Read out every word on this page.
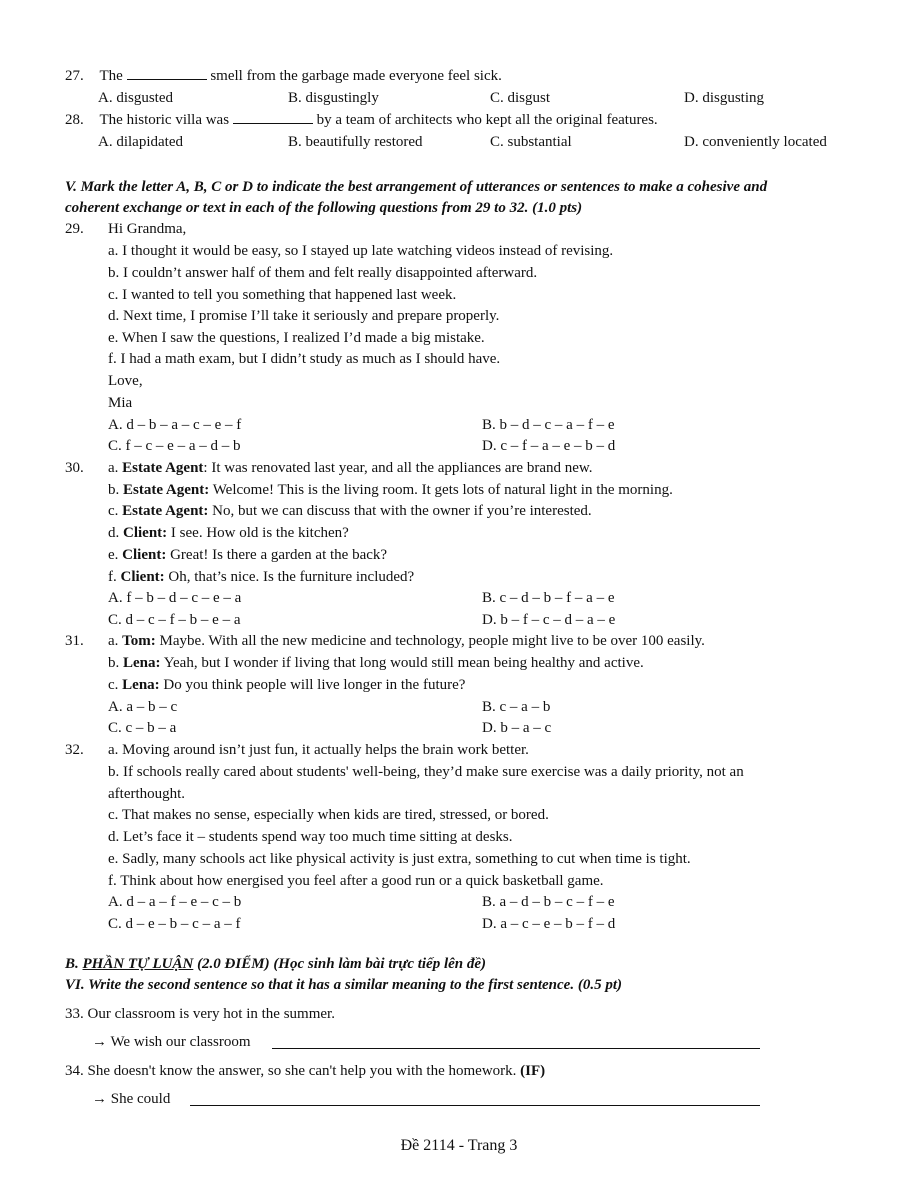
27. The	smell from the garbage made everyone feel sick.
A. disgusted	B. disgustingly	C. disgust	D. disgusting
28. The historic villa was	by a team of architects who kept all the original features.
A. dilapidated	B. beautifully restored	C. substantial	D. conveniently located
V. Mark the letter A, B, C or D to indicate the best arrangement of utterances or sentences to make a cohesive and
coherent exchange or text in each of the following questions from 29 to 32. (1.0 pts)
29. Hi Grandma,
a. I thought it would be easy, so I stayed up late watching videos instead of revising.
b. I couldn’t answer half of them and felt really disappointed afterward.
c. I wanted to tell you something that happened last week.
d. Next time, I promise I’ll take it seriously and prepare properly.
e. When I saw the questions, I realized I’d made a big mistake.
f. I had a math exam, but I didn’t study as much as I should have.
Love,
Mia
A. d – b – a – c – e – f	B. b – d – c – a – f – e
C. f – c – e – a – d – b	D. c – f – a – e – b – d
30. a. Estate Agent: It was renovated last year, and all the appliances are brand new.
b. Estate Agent: Welcome! This is the living room. It gets lots of natural light in the morning.
c. Estate Agent: No, but we can discuss that with the owner if you’re interested.
d. Client: I see. How old is the kitchen?
e. Client: Great! Is there a garden at the back?
f. Client: Oh, that’s nice. Is the furniture included?
A. f – b – d – c – e – a	B. c – d – b – f – a – e
C. d – c – f – b – e – a	D. b – f – c – d – a – e
31. a. Tom: Maybe. With all the new medicine and technology, people might live to be over 100 easily.
b. Lena: Yeah, but I wonder if living that long would still mean being healthy and active.
c. Lena: Do you think people will live longer in the future?
A. a – b – c	B. c – a – b
C. c – b – a	D. b – a – c
32. a. Moving around isn’t just fun, it actually helps the brain work better.
b. If schools really cared about students' well-being, they’d make sure exercise was a daily priority, not an
afterthought.
c. That makes no sense, especially when kids are tired, stressed, or bored.
d. Let’s face it – students spend way too much time sitting at desks.
e. Sadly, many schools act like physical activity is just extra, something to cut when time is tight.
f. Think about how energised you feel after a good run or a quick basketball game.
A. d – a – f – e – c – b	B. a – d – b – c – f – e
C. d – e – b – c – a – f	D. a – c – e – b – f – d
B. PHẦN TỰ LUẬN (2.0 ĐIỂM) (Học sinh làm bài trực tiếp lên đề)
VI. Write the second sentence so that it has a similar meaning to the first sentence. (0.5 pt)
33. Our classroom is very hot in the summer.
→ We wish our classroom
34. She doesn't know the answer, so she can't help you with the homework. (IF)
→ She could
Đề 2114 - Trang 3
